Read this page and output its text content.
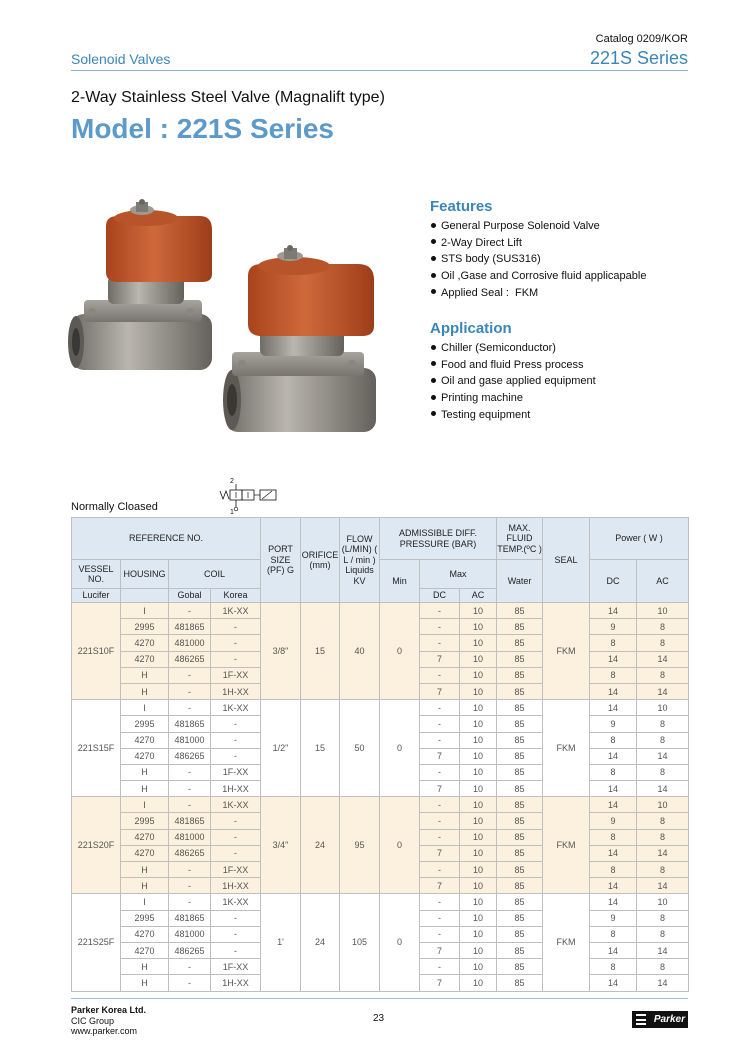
Catalog 0209/KOR
Solenoid Valves	221S Series
2-Way Stainless Steel Valve (Magnalift type)
Model : 221S Series
Features
General Purpose Solenoid Valve
2-Way Direct Lift
STS body (SUS316)
Oil ,Gase and Corrosive fluid applicapable
Applied Seal :  FKM
Application
Chiller (Semiconductor)
Food and fluid Press process
Oil and gase applied equipment
Printing machine
Testing equipment
2
1
Normally Cloased
REFERENCE NO.				PORT SIZE (PF) G	ORIFICE (mm)	FLOW (L/MIN) ( L / min ) Liquids KV	ADMISSIBLE DIFF. PRESSURE (BAR)			MAX. FLUID TEMP.(ºC )	SEAL	Power ( W )	
VESSEL NO.	HOUSING	COIL					Min	Max		Water		DC	AC
Lucifer		Gobal	Korea					DC	AC				
221S10F	I	-	1K-XX	3/8"	15	40	0	-	10	85	FKM	14	10
	2995	481865	-					-	10	85		9	8
	4270	481000	-					-	10	85		8	8
	4270	486265	-					7	10	85		14	14
	H	-	1F-XX					-	10	85		8	8
	H	-	1H-XX					7	10	85		14	14
221S15F	I	-	1K-XX	1/2"	15	50	0	-	10	85	FKM	14	10
	2995	481865	-					-	10	85		9	8
	4270	481000	-					-	10	85		8	8
	4270	486265	-					7	10	85		14	14
	H	-	1F-XX					-	10	85		8	8
	H	-	1H-XX					7	10	85		14	14
221S20F	I	-	1K-XX	3/4"	24	95	0	-	10	85	FKM	14	10
	2995	481865	-					-	10	85		9	8
	4270	481000	-					-	10	85		8	8
	4270	486265	-					7	10	85		14	14
	H	-	1F-XX					-	10	85		8	8
	H	-	1H-XX					7	10	85		14	14
221S25F	I	-	1K-XX	1'	24	105	0	-	10	85	FKM	14	10
	2995	481865	-					-	10	85		9	8
	4270	481000	-					-	10	85		8	8
	4270	486265	-					7	10	85		14	14
	H	-	1F-XX					-	10	85		8	8
	H	-	1H-XX					7	10	85		14	14
Parker Korea Ltd.
CIC Group
www.parker.com
23	Parker
